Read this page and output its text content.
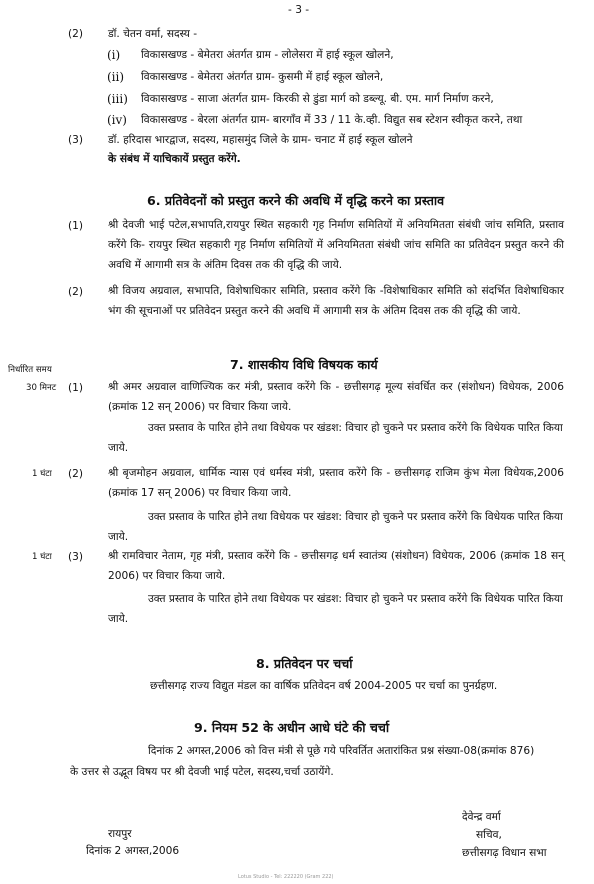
- 3 -
(2) डॉ. चेतन वर्मा, सदस्य -
(i) विकासखण्ड - बेमेतरा अंतर्गत ग्राम - लोलेसरा में हाई स्कूल खोलने,
(ii) विकासखण्ड - बेमेतरा अंतर्गत ग्राम- कुसमी में हाई स्कूल खोलने,
(iii) विकासखण्ड - साजा अंतर्गत ग्राम- किरकी से डुंडा मार्ग को डब्ल्यू. बी. एम. मार्ग निर्माण करने,
(iv) विकासखण्ड - बेरला अंतर्गत ग्राम- बारगाँव में 33 / 11 के.व्ही. विद्युत सब स्टेशन स्वीकृत करने, तथा
(3) डॉ. हरिदास भारद्वाज, सदस्य, महासमुंद जिले के ग्राम- चनाट में हाई स्कूल खोलने
के संबंध में याचिकायें प्रस्तुत करेंगे.
6. प्रतिवेदनों को प्रस्तुत करने की अवधि में वृद्धि करने का प्रस्ताव
(1) श्री देवजी भाई पटेल,सभापति,रायपुर स्थित सहकारी गृह निर्माण समितियों में अनियमितता संबंधी जांच समिति, प्रस्ताव करेंगे कि- रायपुर स्थित सहकारी गृह निर्माण समितियों में अनियमितता संबंधी जांच समिति का प्रतिवेदन प्रस्तुत करने की अवधि में आगामी सत्र के अंतिम दिवस तक की वृद्धि की जाये.
(2) श्री विजय अग्रवाल, सभापति, विशेषाधिकार समिति, प्रस्ताव करेंगे कि -विशेषाधिकार समिति को संदर्भित विशेषाधिकार भंग की सूचनाओं पर प्रतिवेदन प्रस्तुत करने की अवधि में आगामी सत्र के अंतिम दिवस तक की वृद्धि की जाये.
निर्धारित समय	7. शासकीय विधि विषयक कार्य
30 मिनट (1) श्री अमर अग्रवाल वाणिज्यिक कर मंत्री, प्रस्ताव करेंगे कि - छत्तीसगढ़ मूल्य संवर्धित कर (संशोधन) विधेयक, 2006 (क्रमांक 12 सन् 2006) पर विचार किया जाये.
उक्त प्रस्ताव के पारित होने तथा विधेयक पर खंडश: विचार हो चुकने पर प्रस्ताव करेंगे कि विधेयक पारित किया जाये.
1 घंटा (2) श्री बृजमोहन अग्रवाल, धार्मिक न्यास एवं धर्मस्व मंत्री, प्रस्ताव करेंगे कि - छत्तीसगढ़ राजिम कुंभ मेला विधेयक,2006 (क्रमांक 17 सन् 2006) पर विचार किया जाये.
उक्त प्रस्ताव के पारित होने तथा विधेयक पर खंडश: विचार हो चुकने पर प्रस्ताव करेंगे कि विधेयक पारित किया जाये.
1 घंटा (3) श्री रामविचार नेताम, गृह मंत्री, प्रस्ताव करेंगे कि - छत्तीसगढ़ धर्म स्वातंत्र्य (संशोधन) विधेयक, 2006 (क्रमांक 18 सन् 2006) पर विचार किया जाये.
उक्त प्रस्ताव के पारित होने तथा विधेयक पर खंडश: विचार हो चुकने पर प्रस्ताव करेंगे कि विधेयक पारित किया जाये.
8. प्रतिवेदन पर चर्चा
छत्तीसगढ़ राज्य विद्युत मंडल का वार्षिक प्रतिवेदन वर्ष 2004-2005 पर चर्चा का पुनर्ग्रहण.
9. नियम 52 के अधीन आधे घंटे की चर्चा
दिनांक 2 अगस्त,2006 को वित्त मंत्री से पूछे गये परिवर्तित अतारांकित प्रश्न संख्या-08(क्रमांक 876)
के उत्तर से उद्भूत विषय पर श्री देवजी भाई पटेल, सदस्य,चर्चा उठायेंगे.
देवेन्द्र वर्मा
सचिव,
छत्तीसगढ़ विधान सभा
रायपुर
दिनांक 2 अगस्त,2006
Lotus Studio - Tel: 222220 (Gram 222)
